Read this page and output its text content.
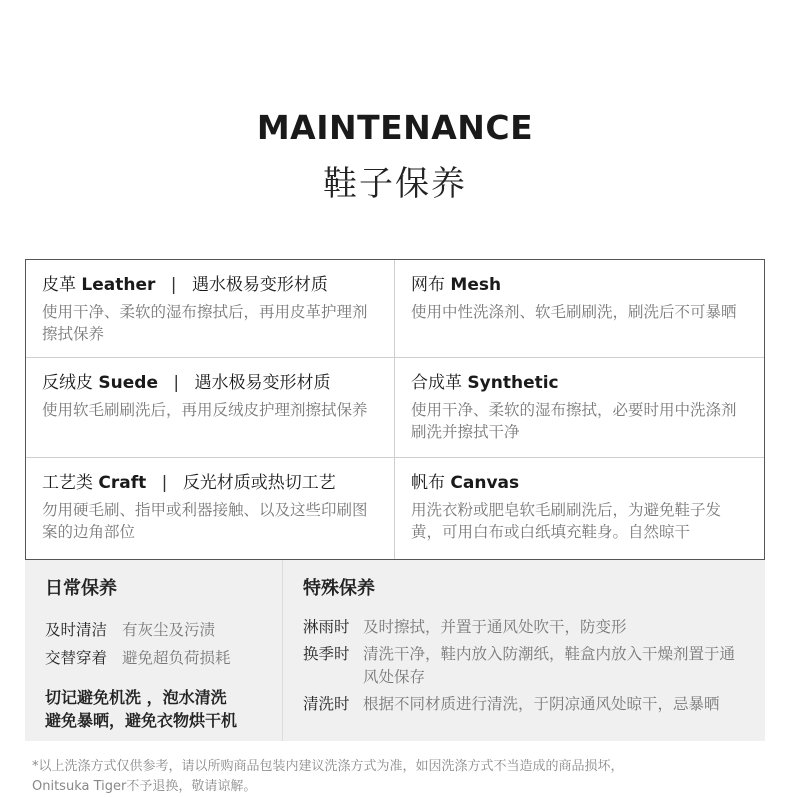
MAINTENANCE
鞋子保养
皮革 Leather | 遇水极易变形材质
使用干净、柔软的湿布擦拭后，再用皮革护理剂擦拭保养
网布 Mesh
使用中性洗涤剂、软毛刷刷洗，刷洗后不可暴晒
反绒皮 Suede | 遇水极易变形材质
使用软毛刷刷洗后，再用反绒皮护理剂擦拭保养
合成革 Synthetic
使用干净、柔软的湿布擦拭，必要时用中洗涤剂刷洗并擦拭干净
工艺类 Craft | 反光材质或热切工艺
勿用硬毛刷、指甲或利器接触、以及这些印刷图案的边角部位
帆布 Canvas
用洗衣粉或肥皂软毛刷刷洗后，为避免鞋子发黄，可用白布或白纸填充鞋身。自然晾干
日常保养
及时清洁 有灰尘及污渍
交替穿着 避免超负荷损耗
切记避免机洗 ，泡水清洗
避免暴晒，避免衣物烘干机
特殊保养
淋雨时 及时擦拭，并置于通风处吹干，防变形
换季时 清洗干净，鞋内放入防潮纸，鞋盒内放入干燥剂置于通风处保存
清洗时 根据不同材质进行清洗，于阴凉通风处晾干，忌暴晒
*以上洗涤方式仅供参考，请以所购商品包装内建议洗涤方式为准，如因洗涤方式不当造成的商品损坏，
Onitsuka Tiger不予退换，敬请谅解。
